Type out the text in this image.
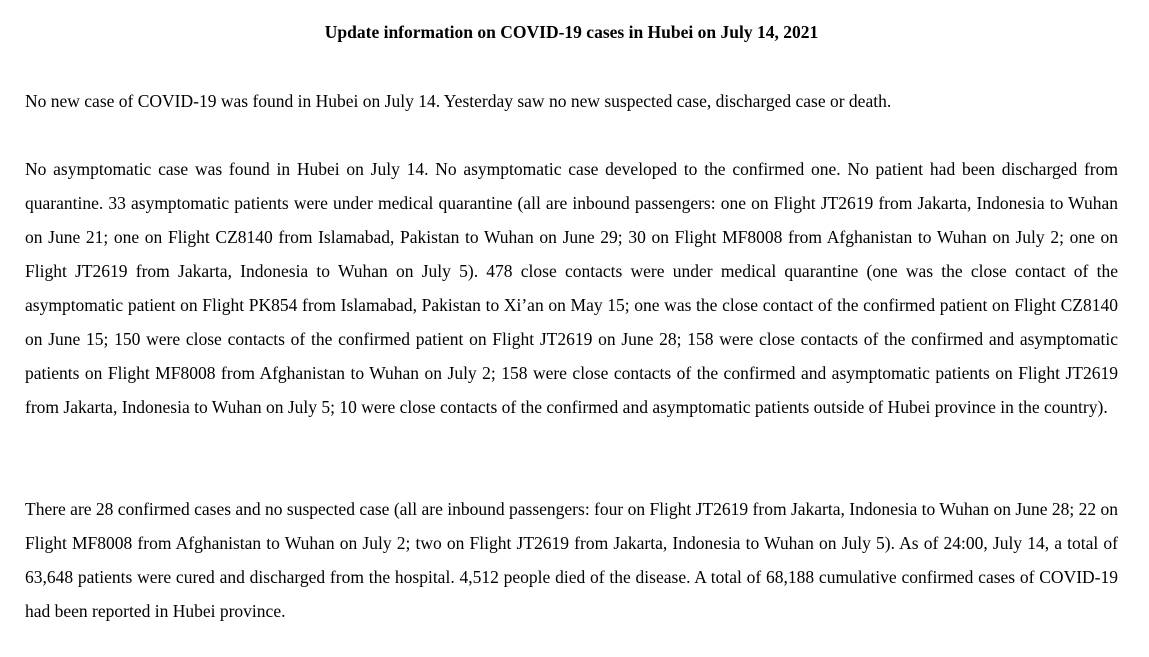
Update information on COVID-19 cases in Hubei on July 14, 2021

No new case of COVID-19 was found in Hubei on July 14. Yesterday saw no new suspected case, discharged case or death.

No asymptomatic case was found in Hubei on July 14. No asymptomatic case developed to the confirmed one. No patient had been discharged from quarantine. 33 asymptomatic patients were under medical quarantine (all are inbound passengers: one on Flight JT2619 from Jakarta, Indonesia to Wuhan on June 21; one on Flight CZ8140 from Islamabad, Pakistan to Wuhan on June 29; 30 on Flight MF8008 from Afghanistan to Wuhan on July 2; one on Flight JT2619 from Jakarta, Indonesia to Wuhan on July 5). 478 close contacts were under medical quarantine (one was the close contact of the asymptomatic patient on Flight PK854 from Islamabad, Pakistan to Xi’an on May 15; one was the close contact of the confirmed patient on Flight CZ8140 on June 15; 150 were close contacts of the confirmed patient on Flight JT2619 on June 28; 158 were close contacts of the confirmed and asymptomatic patients on Flight MF8008 from Afghanistan to Wuhan on July 2; 158 were close contacts of the confirmed and asymptomatic patients on Flight JT2619 from Jakarta, Indonesia to Wuhan on July 5; 10 were close contacts of the confirmed and asymptomatic patients outside of Hubei province in the country).

There are 28 confirmed cases and no suspected case (all are inbound passengers: four on Flight JT2619 from Jakarta, Indonesia to Wuhan on June 28; 22 on Flight MF8008 from Afghanistan to Wuhan on July 2; two on Flight JT2619 from Jakarta, Indonesia to Wuhan on July 5). As of 24:00, July 14, a total of 63,648 patients were cured and discharged from the hospital. 4,512 people died of the disease. A total of 68,188 cumulative confirmed cases of COVID-19 had been reported in Hubei province.
